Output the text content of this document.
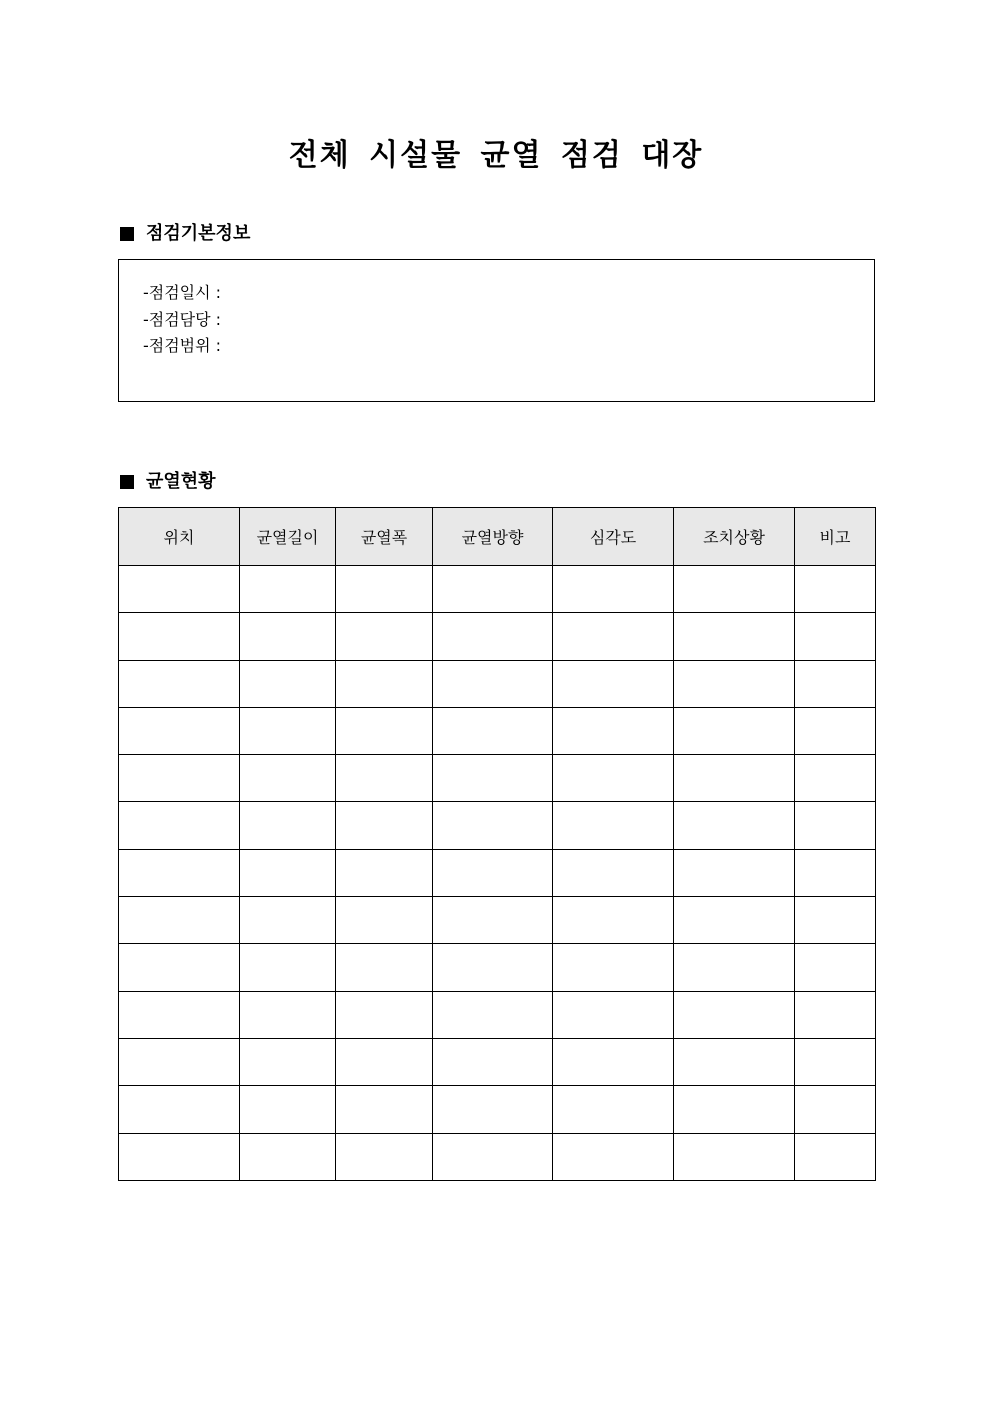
전체 시설물 균열 점검 대장
점검기본정보
-점검일시 :
-점검담당 :
-점검범위 :
균열현황
위치	균열길이	균열폭	균열방향	심각도	조치상황	비고
